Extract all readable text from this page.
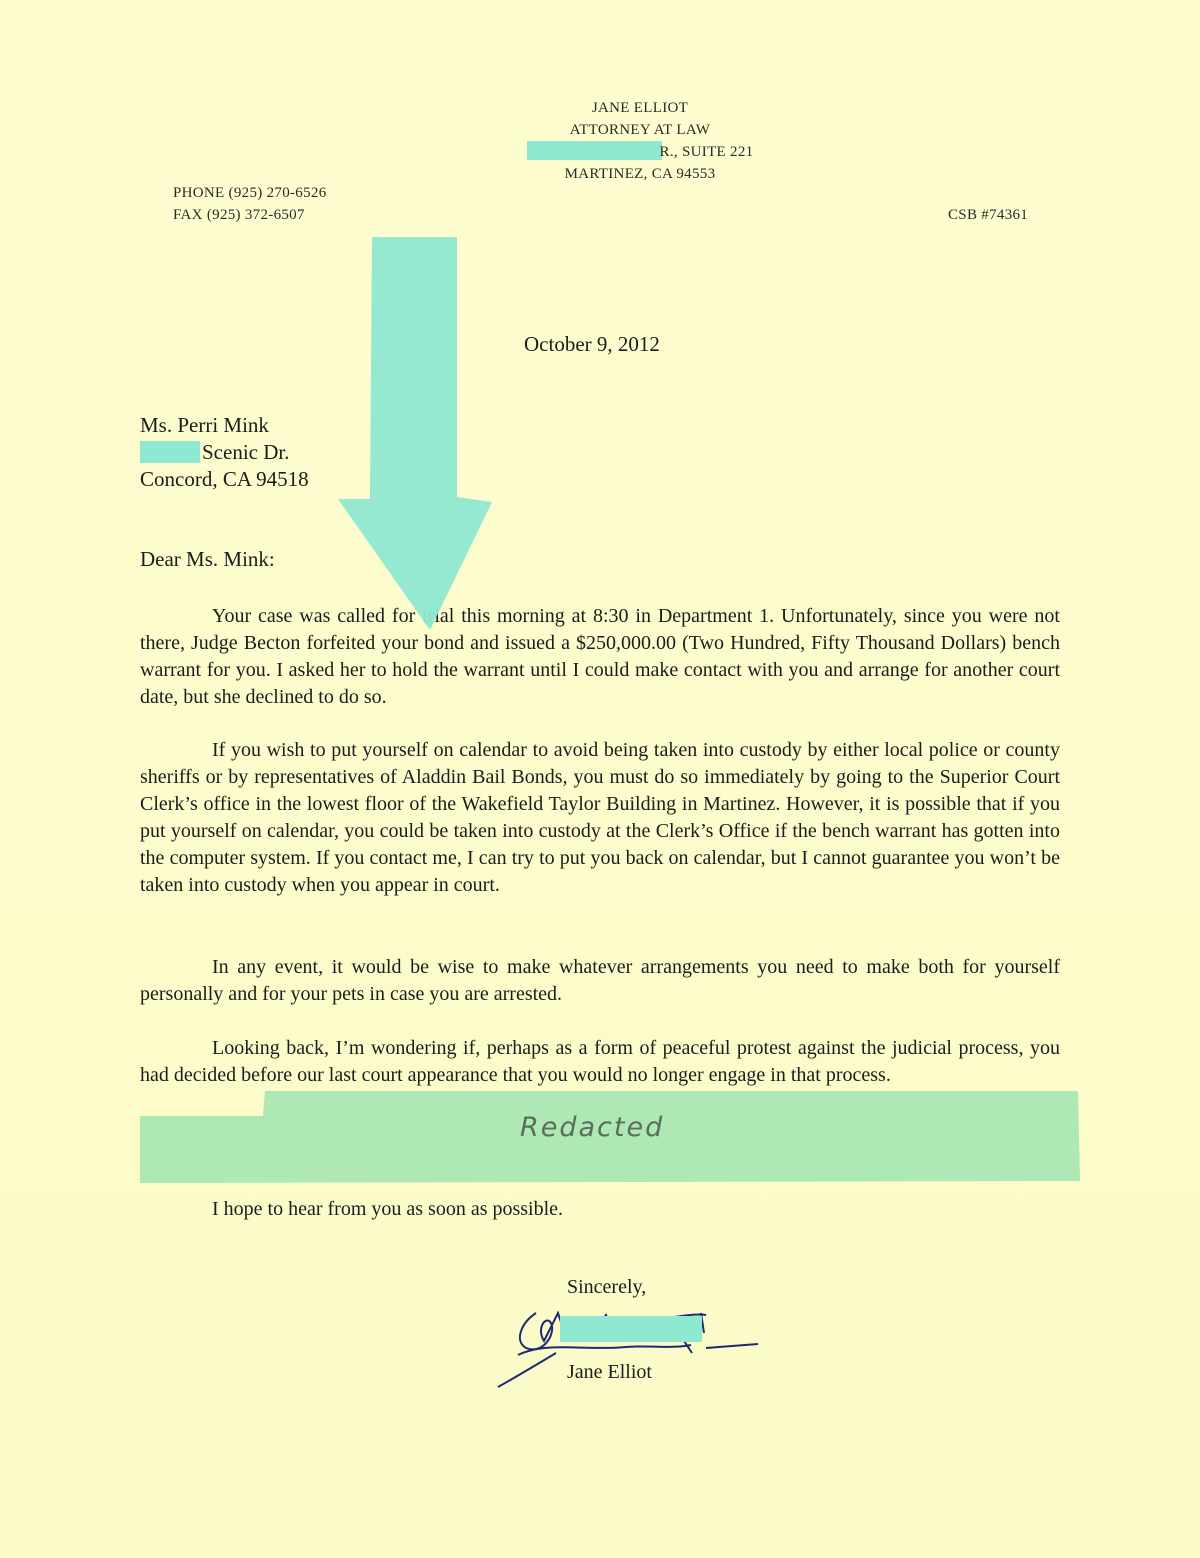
JANE ELLIOT
ATTORNEY AT LAW
R., SUITE 221
MARTINEZ, CA 94553
PHONE (925) 270-6526
FAX (925) 372-6507	CSB #74361
October 9, 2012
Ms. Perri Mink
Scenic Dr.
Concord, CA 94518
Dear Ms. Mink:

Your case was called for trial this morning at 8:30 in Department 1. Unfortunately, since you were not there, Judge Becton forfeited your bond and issued a $250,000.00 (Two Hundred, Fifty Thousand Dollars) bench warrant for you. I asked her to hold the warrant until I could make contact with you and arrange for another court date, but she declined to do so.

If you wish to put yourself on calendar to avoid being taken into custody by either local police or county sheriffs or by representatives of Aladdin Bail Bonds, you must do so immediately by going to the Superior Court Clerk’s office in the lowest floor of the Wakefield Taylor Building in Martinez. However, it is possible that if you put yourself on calendar, you could be taken into custody at the Clerk’s Office if the bench warrant has gotten into the computer system. If you contact me, I can try to put you back on calendar, but I cannot guarantee you won’t be taken into custody when you appear in court.

In any event, it would be wise to make whatever arrangements you need to make both for yourself personally and for your pets in case you are arrested.

Looking back, I’m wondering if, perhaps as a form of peaceful protest against the judicial process, you had decided before our last court appearance that you would no longer engage in that process.

Redacted

I hope to hear from you as soon as possible.

Sincerely,
Jane Elliot
